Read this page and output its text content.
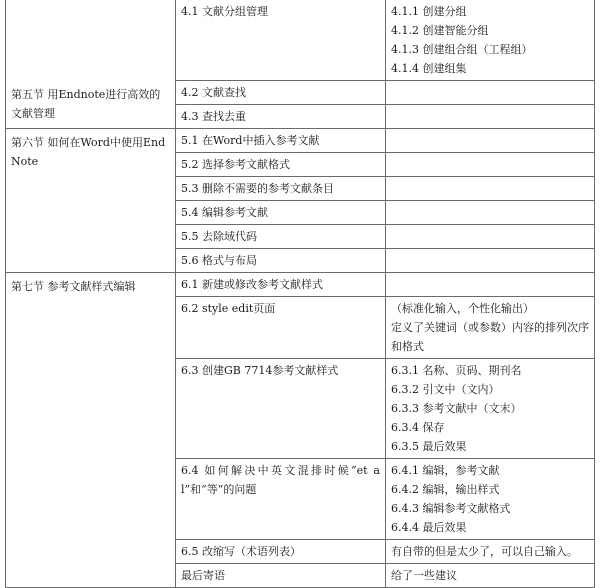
第五节 用Endnote进行高效的文献管理	4.1 文献分组管理	4.1.1 创建分组
4.1.2 创建智能分组
4.1.3 创建组合组（工程组）
4.1.4 创建组集

	4.2 文献查找	

	4.3 查找去重	

第六节 如何在Word中使用EndNote	5.1 在Word中插入参考文献	

	5.2 选择参考文献格式	

	5.3 删除不需要的参考文献条目	

	5.4 编辑参考文献	

	5.5 去除域代码	

	5.6 格式与布局	

第七节 参考文献样式编辑	6.1 新建或修改参考文献样式	

	6.2 style edit页面	（标准化输入，个性化输出）
定义了关键词（或参数）内容的排列次序和格式

	6.3 创建GB 7714参考文献样式	6.3.1 名称、页码、期刊名
6.3.2 引文中（文内）
6.3.3 参考文献中（文末）
6.3.4 保存
6.3.5 最后效果

	6.4 如何解决中英文混排时候“et al”和“等”的问题	6.4.1 编辑，参考文献
6.4.2 编辑，输出样式
6.4.3 编辑参考文献格式
6.4.4 最后效果

	6.5 改缩写（术语列表）	有自带的但是太少了，可以自己输入。

	最后寄语	给了一些建议
